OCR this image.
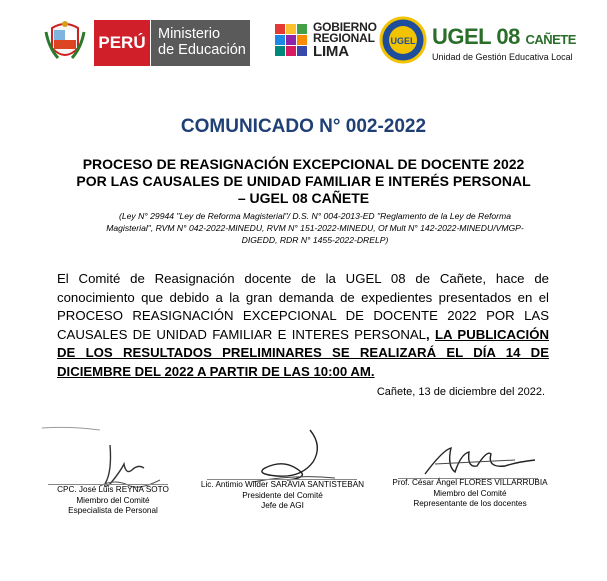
PERÚ Ministerio
de Educación
GOBIERNO
REGIONAL
LIMA
UGEL UGEL 08 CAÑETE
Unidad de Gestión Educativa Local
COMUNICADO N° 002-2022
PROCESO DE REASIGNACIÓN EXCEPCIONAL DE DOCENTE 2022
POR LAS CAUSALES DE UNIDAD FAMILIAR E INTERÉS PERSONAL
– UGEL 08 CAÑETE
(Ley N° 29944 "Ley de Reforma Magisterial"/ D.S. N° 004-2013-ED "Reglamento de la Ley de Reforma Magisterial", RVM N° 042-2022-MINEDU, RVM N° 151-2022-MINEDU, Of Mult N° 142-2022-MINEDU/VMGP-DIGEDD, RDR N° 1455-2022-DRELP)
El Comité de Reasignación docente de la UGEL 08 de Cañete, hace de conocimiento que debido a la gran demanda de expedientes presentados en el PROCESO REASIGNACIÓN EXCEPCIONAL DE DOCENTE 2022 POR LAS CAUSALES DE UNIDAD FAMILIAR E INTERES PERSONAL, LA PUBLICACIÓN DE LOS RESULTADOS PRELIMINARES SE REALIZARÁ EL DÍA 14 DE DICIEMBRE DEL 2022 A PARTIR DE LAS 10:00 AM.
Cañete, 13 de diciembre del 2022.
CPC. José Luis REYNA SOTO
Miembro del Comité
Especialista de Personal
Lic. Antimio Wilder SARAVIA SANTISTEBAN
Presidente del Comité
Jefe de AGI
Prof. César Ángel FLORES VILLARRUBIA
Miembro del Comité
Representante de los docentes
